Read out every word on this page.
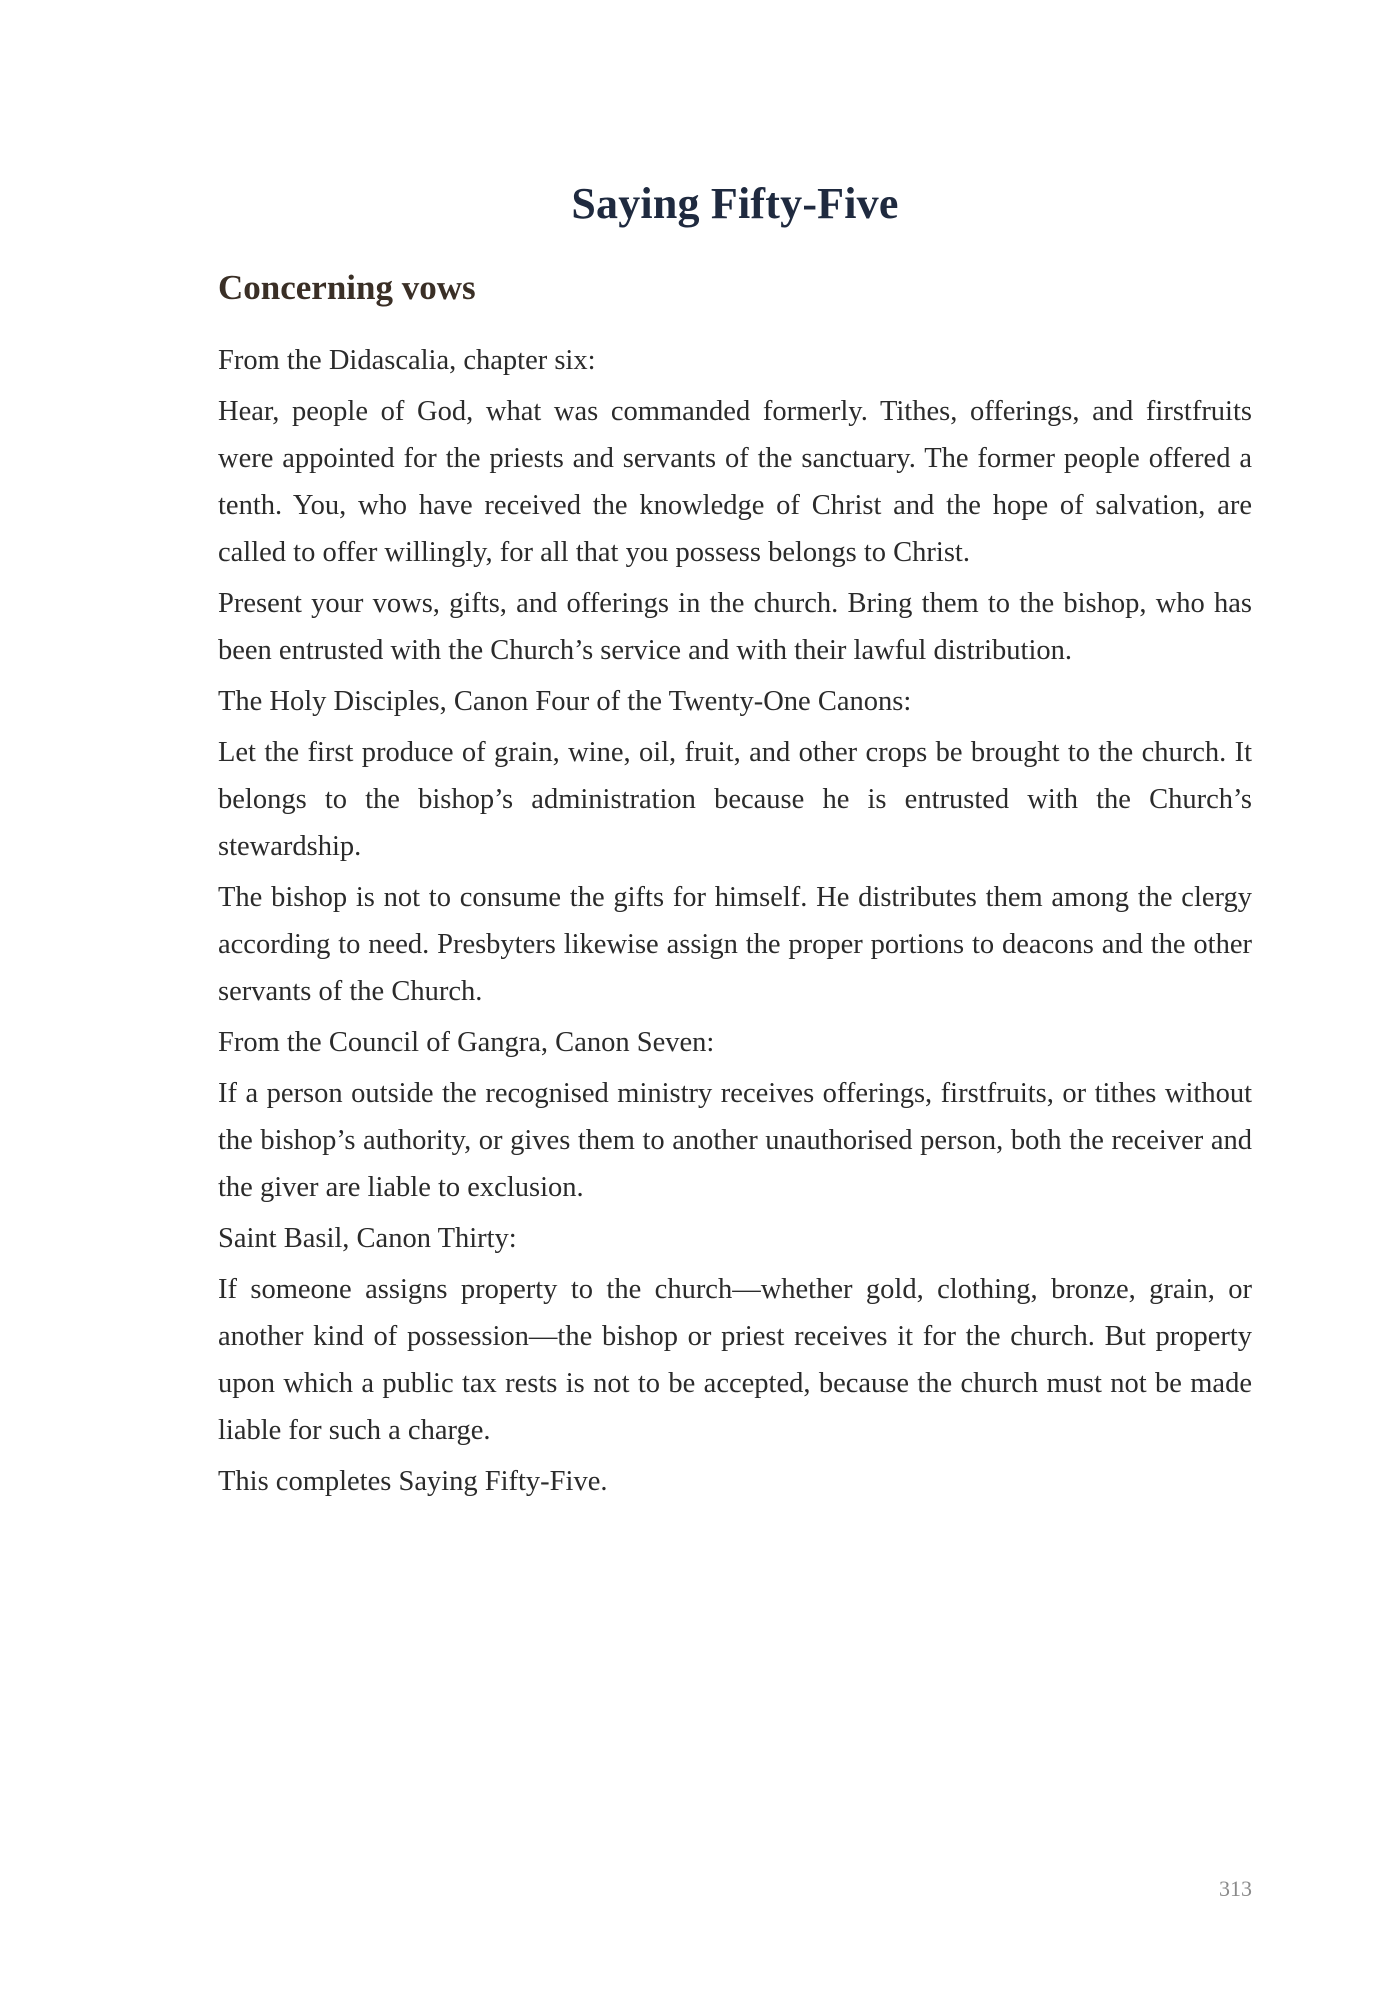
Saying Fifty-Five
Concerning vows

From the Didascalia, chapter six:

Hear, people of God, what was commanded formerly. Tithes, offerings, and firstfruits were appointed for the priests and servants of the sanctuary. The former people offered a tenth. You, who have received the knowledge of Christ and the hope of salvation, are called to offer willingly, for all that you possess belongs to Christ.

Present your vows, gifts, and offerings in the church. Bring them to the bishop, who has been entrusted with the Church’s service and with their lawful distribution.

The Holy Disciples, Canon Four of the Twenty-One Canons:

Let the first produce of grain, wine, oil, fruit, and other crops be brought to the church. It belongs to the bishop’s administration because he is entrusted with the Church’s stewardship.

The bishop is not to consume the gifts for himself. He distributes them among the clergy according to need. Presbyters likewise assign the proper portions to deacons and the other servants of the Church.

From the Council of Gangra, Canon Seven:

If a person outside the recognised ministry receives offerings, firstfruits, or tithes without the bishop’s authority, or gives them to another unauthorised person, both the receiver and the giver are liable to exclusion.

Saint Basil, Canon Thirty:

If someone assigns property to the church—whether gold, clothing, bronze, grain, or another kind of possession—the bishop or priest receives it for the church. But property upon which a public tax rests is not to be accepted, because the church must not be made liable for such a charge.

This completes Saying Fifty-Five.

313
